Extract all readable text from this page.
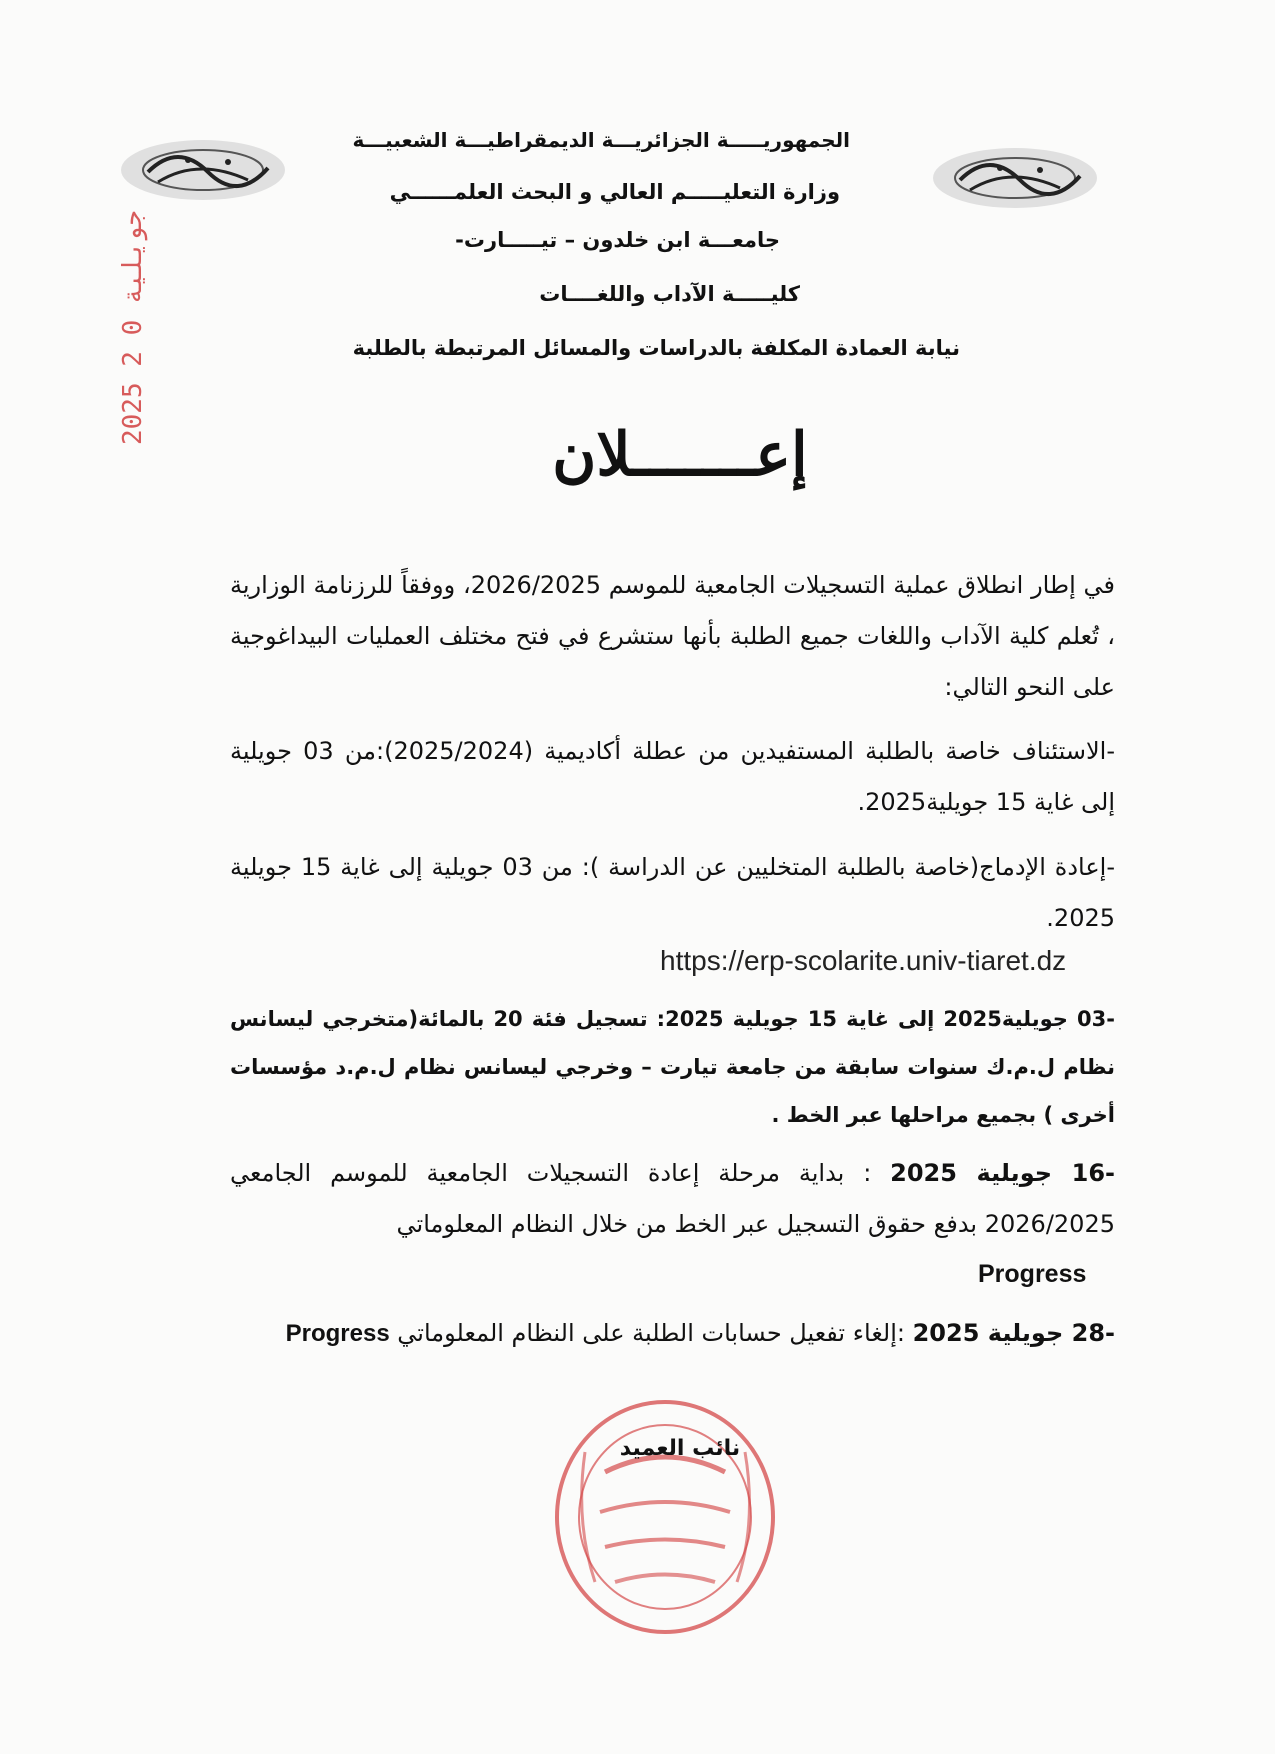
الجمهوريـــــة الجزائريـــة الديمقراطيـــة الشعبيـــة

وزارة التعليـــــم العالي و البحث العلمــــــي

جامعـــة ابن خلدون – تيـــــارت-

كليـــــة الآداب واللغــــات

نيابة العمادة المكلفة بالدراسات والمسائل المرتبطة بالطلبة

2025 جويلية 0 2
إعـــــــلان

في إطار انطلاق عملية التسجيلات الجامعية للموسم 2026/2025، ووفقاً للرزنامة الوزارية ، تُعلم كلية الآداب واللغات جميع الطلبة بأنها ستشرع في فتح مختلف العمليات البيداغوجية على النحو التالي:

-الاستئناف خاصة بالطلبة المستفيدين من عطلة أكاديمية (2025/2024):من 03 جويلية إلى غاية 15 جويلية2025.

-إعادة الإدماج(خاصة بالطلبة المتخليين عن الدراسة ): من 03 جويلية إلى غاية 15 جويلية 2025.

https://erp-scolarite.univ-tiaret.dz

-03 جويلية2025 إلى غاية 15 جويلية 2025: تسجيل فئة 20 بالمائة(متخرجي ليسانس نظام ل.م.ك سنوات سابقة من جامعة تيارت – وخرجي ليسانس نظام ل.م.د مؤسسات أخرى ) بجميع مراحلها عبر الخط .

-16 جويلية 2025 : بداية مرحلة إعادة التسجيلات الجامعية للموسم الجامعي 2026/2025 بدفع حقوق التسجيل عبر الخط من خلال النظام المعلوماتي

Progress

-28 جويلية 2025 :إلغاء تفعيل حسابات الطلبة على النظام المعلوماتي Progress

نائب العميد
